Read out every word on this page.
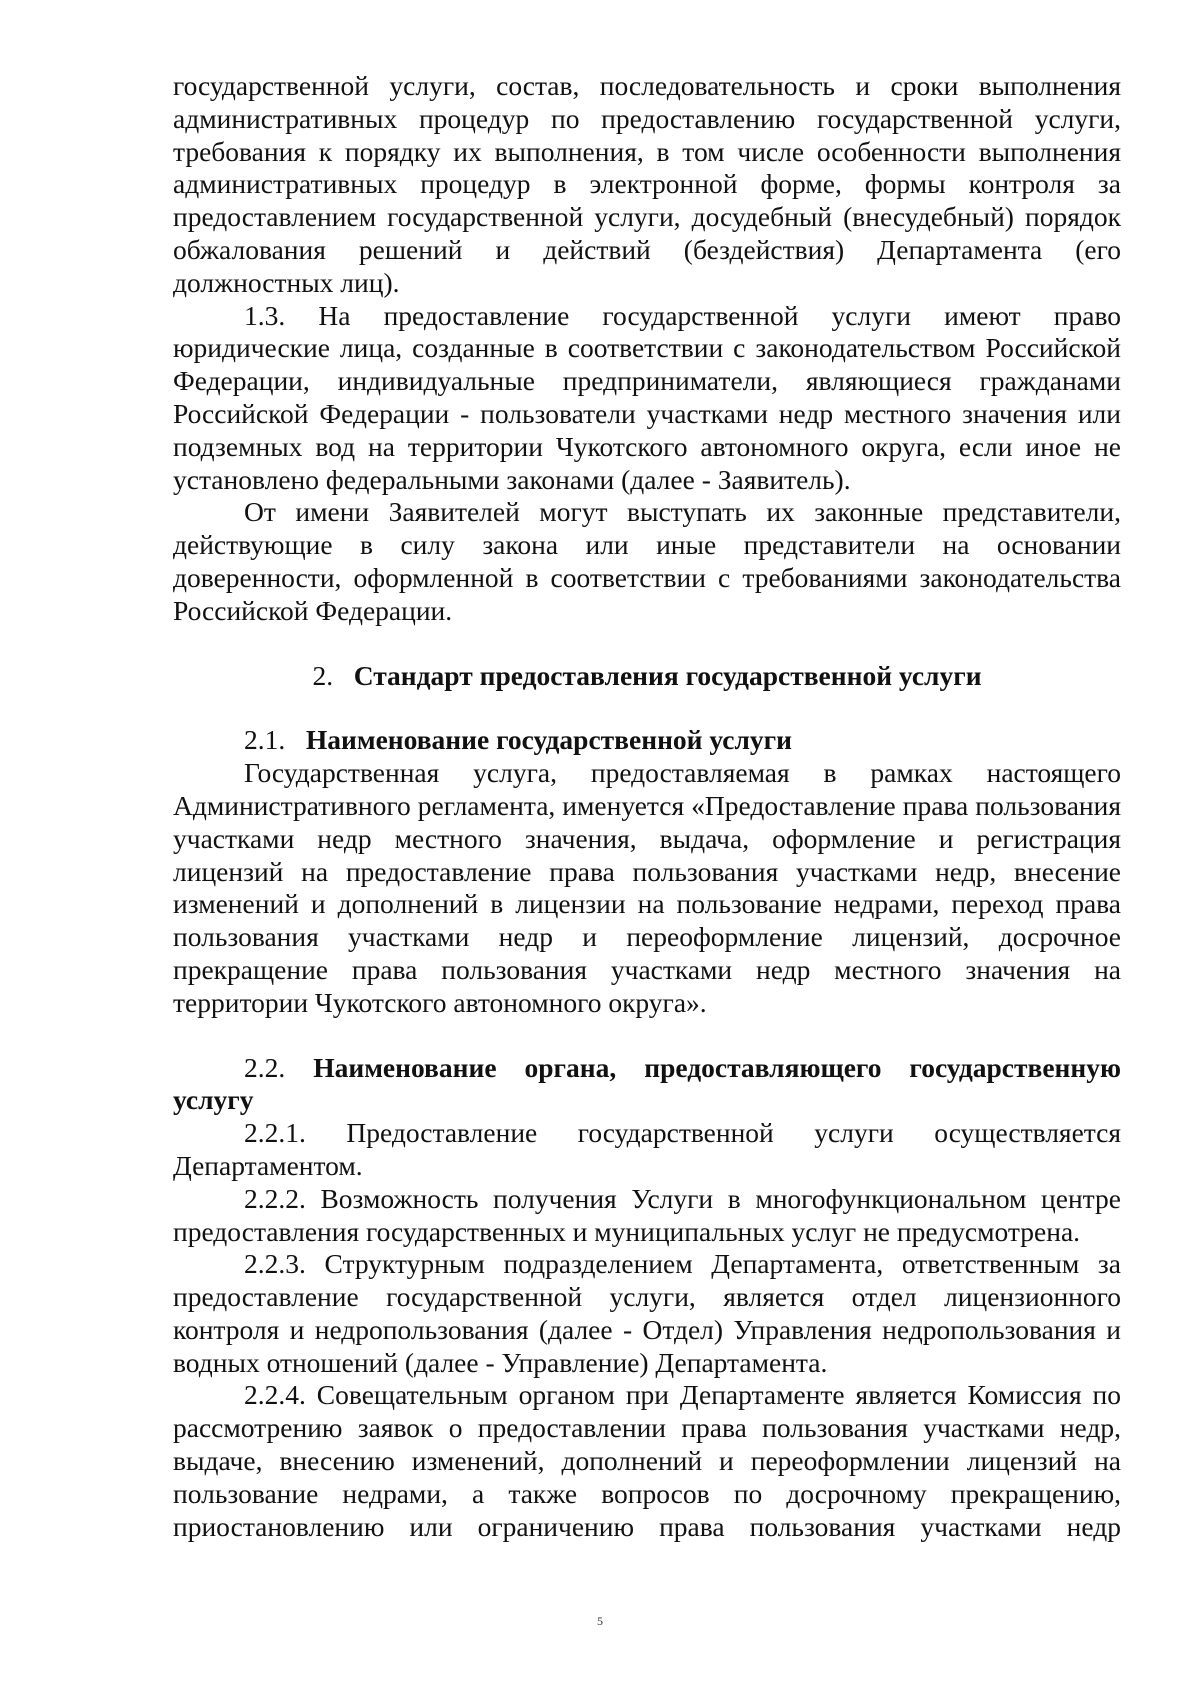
государственной услуги, состав, последовательность и сроки выполнения административных процедур по предоставлению государственной услуги, требования к порядку их выполнения, в том числе особенности выполнения административных процедур в электронной форме, формы контроля за предоставлением государственной услуги, досудебный (внесудебный) порядок обжалования решений и действий (бездействия) Департамента (его должностных лиц).

1.3. На предоставление государственной услуги имеют право юридические лица, созданные в соответствии с законодательством Российской Федерации, индивидуальные предприниматели, являющиеся гражданами Российской Федерации - пользователи участками недр местного значения или подземных вод на территории Чукотского автономного округа, если иное не установлено федеральными законами (далее - Заявитель).

От имени Заявителей могут выступать их законные представители, действующие в силу закона или иные представители на основании доверенности, оформленной в соответствии с требованиями законодательства Российской Федерации.

2. Стандарт предоставления государственной услуги

2.1. Наименование государственной услуги

Государственная услуга, предоставляемая в рамках настоящего Административного регламента, именуется «Предоставление права пользования участками недр местного значения, выдача, оформление и регистрация лицензий на предоставление права пользования участками недр, внесение изменений и дополнений в лицензии на пользование недрами, переход права пользования участками недр и переоформление лицензий, досрочное прекращение права пользования участками недр местного значения на территории Чукотского автономного округа».

2.2. Наименование органа, предоставляющего государственную услугу

2.2.1. Предоставление государственной услуги осуществляется Департаментом.

2.2.2. Возможность получения Услуги в многофункциональном центре предоставления государственных и муниципальных услуг не предусмотрена.

2.2.3. Структурным подразделением Департамента, ответственным за предоставление государственной услуги, является отдел лицензионного контроля и недропользования (далее - Отдел) Управления недропользования и водных отношений (далее - Управление) Департамента.

2.2.4. Совещательным органом при Департаменте является Комиссия по рассмотрению заявок о предоставлении права пользования участками недр, выдаче, внесению изменений, дополнений и переоформлении лицензий на пользование недрами, а также вопросов по досрочному прекращению, приостановлению или ограничению права пользования участками недр

5
